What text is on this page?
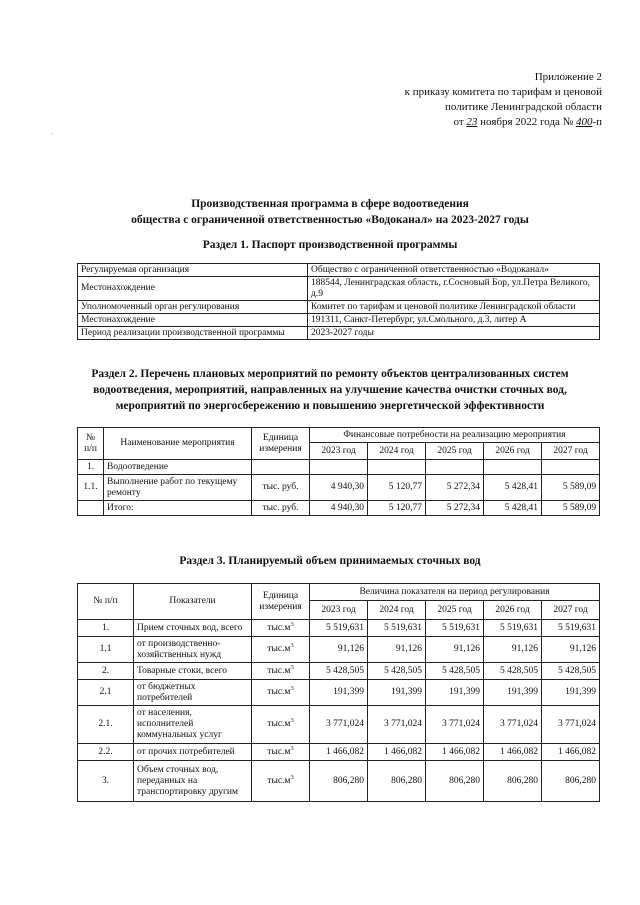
·
Приложение 2
к приказу комитета по тарифам и ценовой
политике Ленинградской области
от 23 ноября 2022 года № 400-п
Производственная программа в сфере водоотведения
общества с ограниченной ответственностью «Водоканал» на 2023-2027 годы
Раздел 1. Паспорт производственной программы
Регулируемая организация	Общество с ограниченной ответственностью «Водоканал»
Местонахождение	188544, Ленинградская область, г.Сосновый Бор, ул.Петра Великого, д.9
Уполномоченный орган регулирования	Комитет по тарифам и ценовой политике Ленинградской области
Местонахождение	191311, Санкт-Петербург, ул.Смольного, д.3, литер А
Период реализации производственной программы	2023-2027 годы
Раздел 2. Перечень плановых мероприятий по ремонту объектов централизованных систем
водоотведения, мероприятий, направленных на улучшение качества очистки сточных вод,
мероприятий по энергосбережению и повышению энергетической эффективности
№ п/п	Наименование мероприятия	Единица измерения	Финансовые потребности на реализацию мероприятия				
			2023 год	2024 год	2025 год	2026 год	2027 год
1.	Водоотведение						
1.1.	Выполнение работ по текущему ремонту	тыс. руб.	4 940,30	5 120,77	5 272,34	5 428,41	5 589,09
	Итого:	тыс. руб.	4 940,30	5 120,77	5 272,34	5 428,41	5 589,09
Раздел 3. Планируемый объем принимаемых сточных вод
№ п/п	Показатели	Единица измерения	Величина показателя на период регулирования				
			2023 год	2024 год	2025 год	2026 год	2027 год
1.	Прием сточных вод, всего	$тыс.м^3$	5 519,631	5 519,631	5 519,631	5 519,631	5 519,631
1.1	от производственно-хозяйственных нужд	$тыс.м^3$	91,126	91,126	91,126	91,126	91,126
2.	Товарные стоки, всего	$тыс.м^3$	5 428,505	5 428,505	5 428,505	5 428,505	5 428,505
2.1	от бюджетных потребителей	$тыс.м^3$	191,399	191,399	191,399	191,399	191,399
2.1.	от населения, исполнителей коммунальных услуг	$тыс.м^3$	3 771,024	3 771,024	3 771,024	3 771,024	3 771,024
2.2.	от прочих потребителей	$тыс.м^3$	1 466,082	1 466,082	1 466,082	1 466,082	1 466,082
3.	Объем сточных вод, переданных на транспортировку другим	$тыс.м^3$	806,280	806,280	806,280	806,280	806,280
